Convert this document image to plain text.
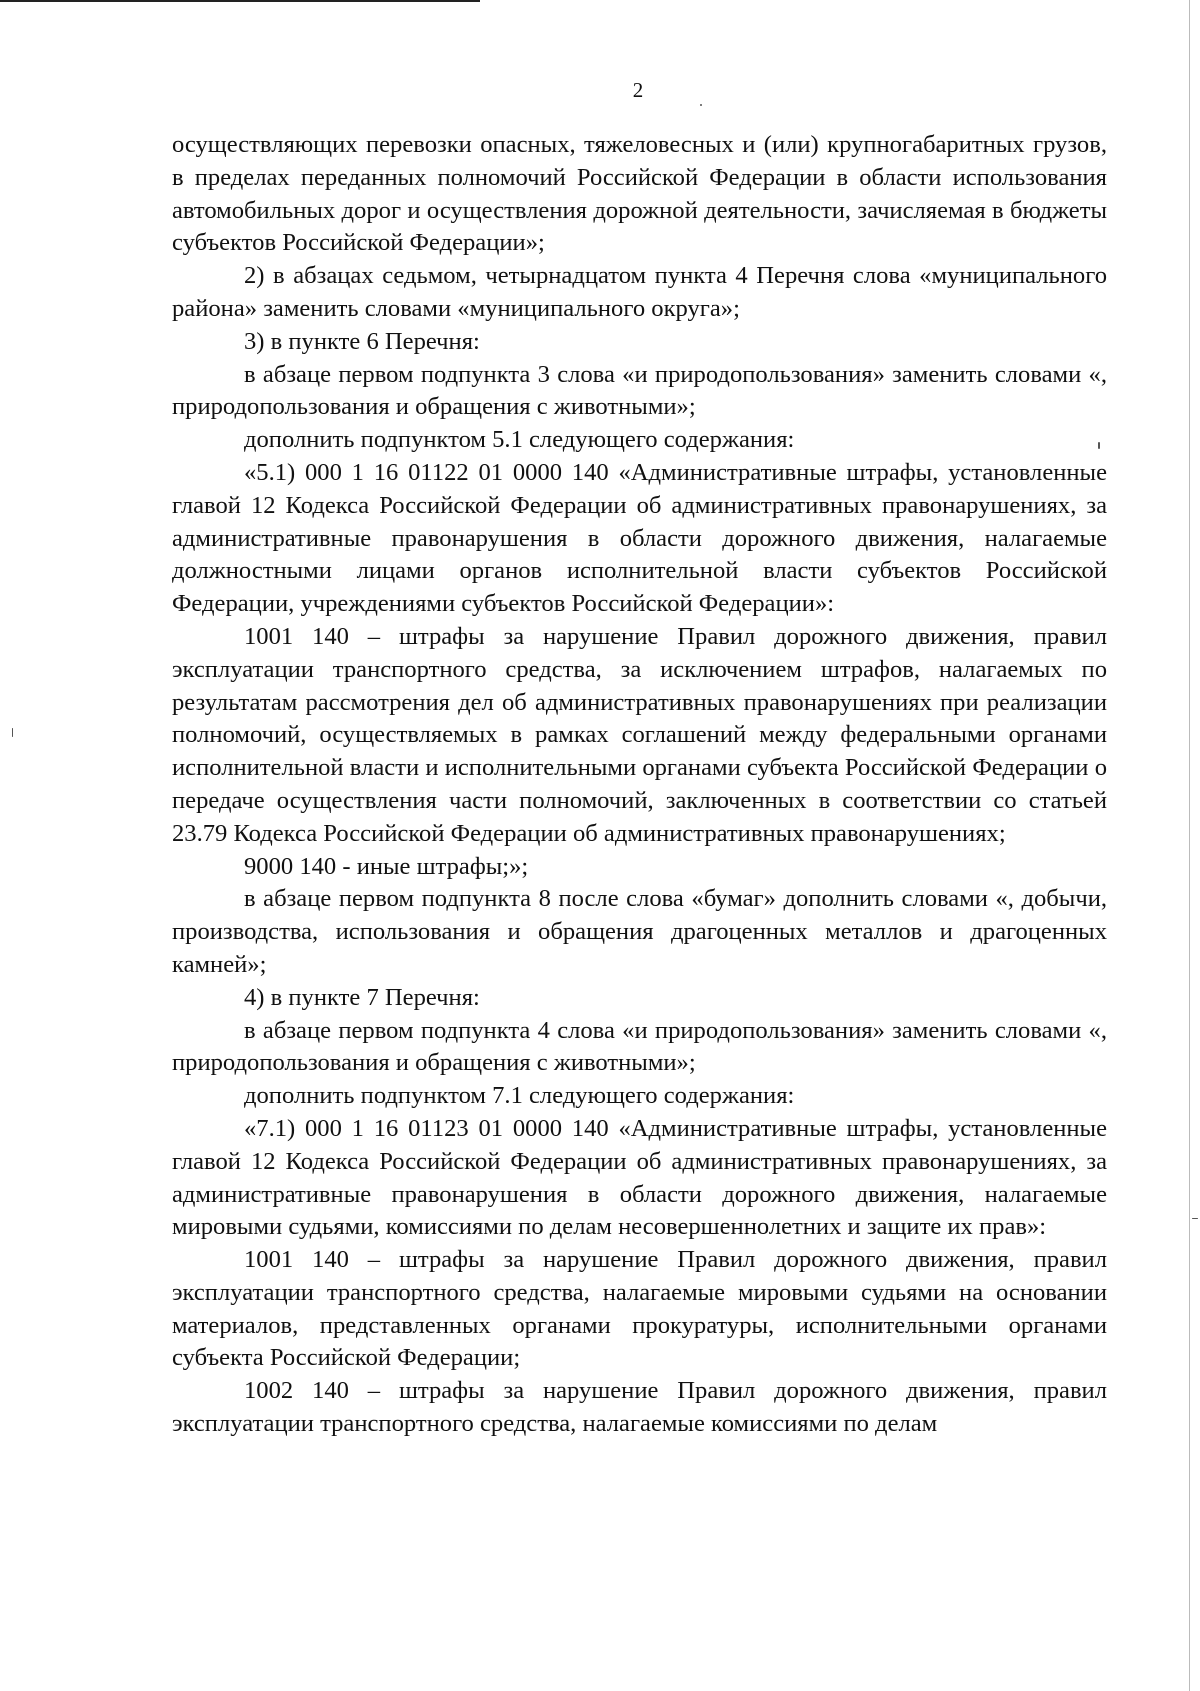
2

осуществляющих перевозки опасных, тяжеловесных и (или) крупногабаритных грузов, в пределах переданных полномочий Российской Федерации в области использования автомобильных дорог и осуществления дорожной деятельности, зачисляемая в бюджеты субъектов Российской Федерации»;

2) в абзацах седьмом, четырнадцатом пункта 4 Перечня слова «муниципального района» заменить словами «муниципального округа»;

3) в пункте 6 Перечня:

в абзаце первом подпункта 3 слова «и природопользования» заменить словами «, природопользования и обращения с животными»;

дополнить подпунктом 5.1 следующего содержания:

«5.1) 000 1 16 01122 01 0000 140 «Административные штрафы, установленные главой 12 Кодекса Российской Федерации об административных правонарушениях, за административные правонарушения в области дорожного движения, налагаемые должностными лицами органов исполнительной власти субъектов Российской Федерации, учреждениями субъектов Российской Федерации»:

1001 140 – штрафы за нарушение Правил дорожного движения, правил эксплуатации транспортного средства, за исключением штрафов, налагаемых по результатам рассмотрения дел об административных правонарушениях при реализации полномочий, осуществляемых в рамках соглашений между федеральными органами исполнительной власти и исполнительными органами субъекта Российской Федерации о передаче осуществления части полномочий, заключенных в соответствии со статьей 23.79 Кодекса Российской Федерации об административных правонарушениях;

9000 140 - иные штрафы;»;

в абзаце первом подпункта 8 после слова «бумаг» дополнить словами «, добычи, производства, использования и обращения драгоценных металлов и драгоценных камней»;

4) в пункте 7 Перечня:

в абзаце первом подпункта 4 слова «и природопользования» заменить словами «, природопользования и обращения с животными»;

дополнить подпунктом 7.1 следующего содержания:

«7.1) 000 1 16 01123 01 0000 140 «Административные штрафы, установленные главой 12 Кодекса Российской Федерации об административных правонарушениях, за административные правонарушения в области дорожного движения, налагаемые мировыми судьями, комиссиями по делам несовершеннолетних и защите их прав»:

1001 140 – штрафы за нарушение Правил дорожного движения, правил эксплуатации транспортного средства, налагаемые мировыми судьями на основании материалов, представленных органами прокуратуры, исполнительными органами субъекта Российской Федерации;

1002 140 – штрафы за нарушение Правил дорожного движения, правил эксплуатации транспортного средства, налагаемые комиссиями по делам
